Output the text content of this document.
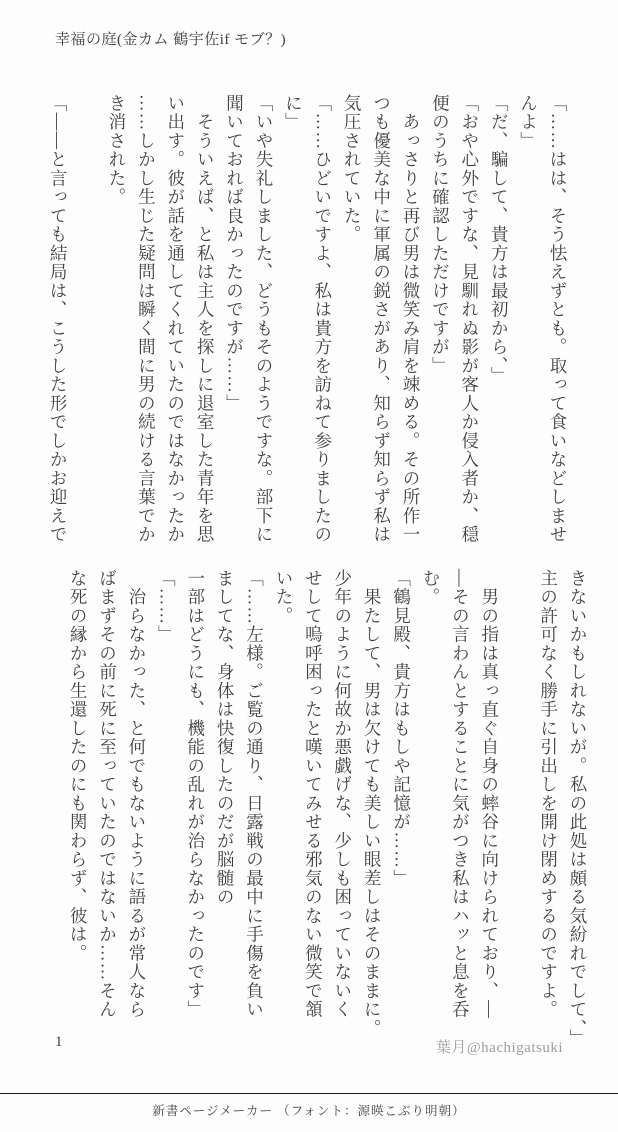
幸福の庭(金カム 鶴宇佐if モブ？)
「……はは、そう怯えずとも。取って食いなどしませ
んよ」
「だ、騙して、貴方は最初から、」
「おや心外ですな、見馴れぬ影が客人か侵入者か、穏
便のうちに確認しただけですが」
　あっさりと再び男は微笑み肩を竦める。その所作一
つも優美な中に軍属の鋭さがあり、知らず知らず私は
気圧されていた。
「……ひどいですよ、私は貴方を訪ねて参りましたの
に」
「いや失礼しました、どうもそのようですな。部下に
聞いておれば良かったのですが……」
　そういえば、と私は主人を探しに退室した青年を思
い出す。彼が話を通してくれていたのではなかったか
……しかし生じた疑問は瞬く間に男の続ける言葉でか
き消された。

「――と言っても結局は、こうした形でしかお迎えで
きないかもしれないが。私の此処は頗る気紛れでして、」
主の許可なく勝手に引出しを開け閉めするのですよ。

　男の指は真っ直ぐ自身の蟀谷に向けられており、―
―その言わんとすることに気がつき私はハッと息を呑
む。
「鶴見殿、貴方はもしや記憶が……」
　果たして、男は欠けても美しい眼差しはそのままに。
少年のように何故か悪戯げな、少しも困っていないく
せして嗚呼困ったと嘆いてみせる邪気のない微笑で頷
いた。
「……左様。ご覧の通り、日露戦の最中に手傷を負い
ましてな、身体は快復したのだが脳髄の
一部はどうにも、機能の乱れが治らなかったのです」
「……」
　治らなかった、と何でもないように語るが常人なら
ばまずその前に死に至っていたのではないか……そん
な死の縁から生還したのにも関わらず、彼は。
1	葉月@hachigatsuki
新書ページメーカー （フォント：源暎こぶり明朝）
